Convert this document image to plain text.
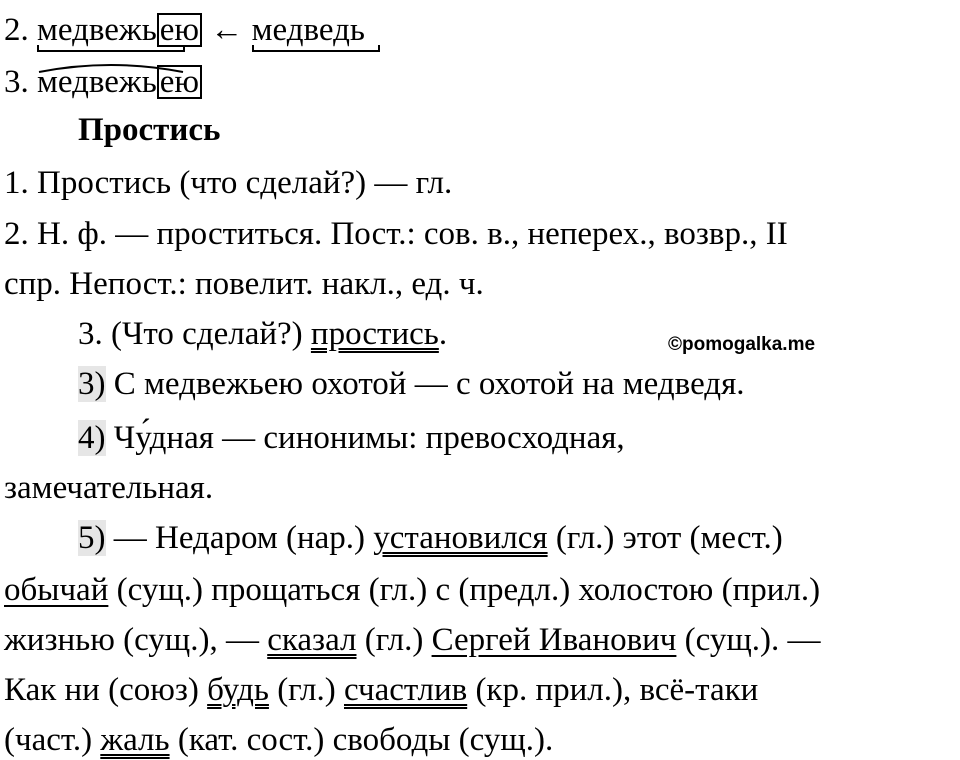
2. медвежь
ею ← медведь
3. медвежьею
Простись
1. Простись (что сделай?) — гл.
2. Н. ф. — проститься. Пост.: сов. в., неперех., возвр., II
спр. Непост.: повелит. накл., ед. ч.
3. (Что сделай?) простись.	©pomogalka.me
3) С медвежьею охотой — с охотой на медведя.
4) Чу́дная — синонимы: превосходная,
замечательная.
5) — Недаром (нар.) установился (гл.) этот (мест.)
обычай (сущ.) прощаться (гл.) с (предл.) холостою (прил.)
жизнью (сущ.), — сказал (гл.) Сергей Иванович (сущ.). —
Как ни (союз) будь (гл.) счастлив (кр. прил.), всё-таки
(част.) жаль (кат. сост.) свободы (сущ.).
